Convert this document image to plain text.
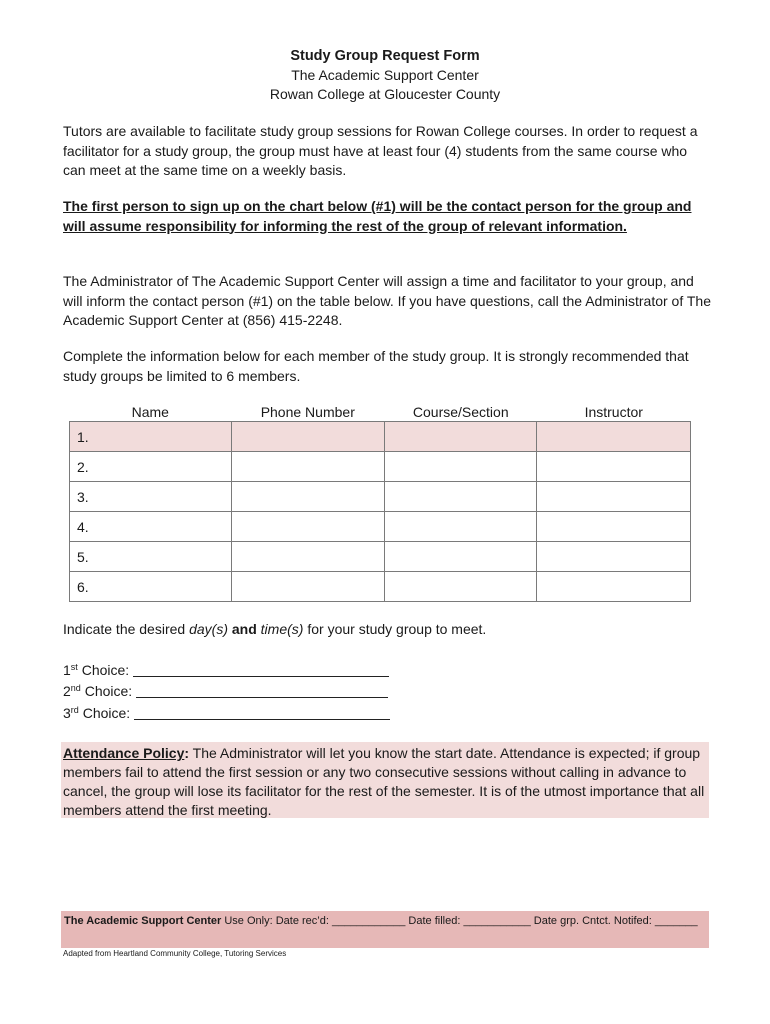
Study Group Request Form
The Academic Support Center
Rowan College at Gloucester County
Tutors are available to facilitate study group sessions for Rowan College courses. In order to request a facilitator for a study group, the group must have at least four (4) students from the same course who can meet at the same time on a weekly basis.
The first person to sign up on the chart below (#1) will be the contact person for the group and will assume responsibility for informing the rest of the group of relevant information.
The Administrator of The Academic Support Center will assign a time and facilitator to your group, and will inform the contact person (#1) on the table below. If you have questions, call the Administrator of The Academic Support Center at (856) 415-2248.
Complete the information below for each member of the study group. It is strongly recommended that study groups be limited to 6 members.
Name	Phone Number	Course/Section	Instructor
1.			
2.			
3.			
4.			
5.			
6.			
Indicate the desired day(s) and time(s) for your study group to meet.
1st Choice:
2nd Choice:
3rd Choice:
Attendance Policy: The Administrator will let you know the start date. Attendance is expected; if group members fail to attend the first session or any two consecutive sessions without calling in advance to cancel, the group will lose its facilitator for the rest of the semester. It is of the utmost importance that all members attend the first meeting.
The Academic Support Center Use Only: Date rec’d: ____________ Date filled: ___________ Date grp. Cntct. Notifed: _______
Adapted from Heartland Community College, Tutoring Services
